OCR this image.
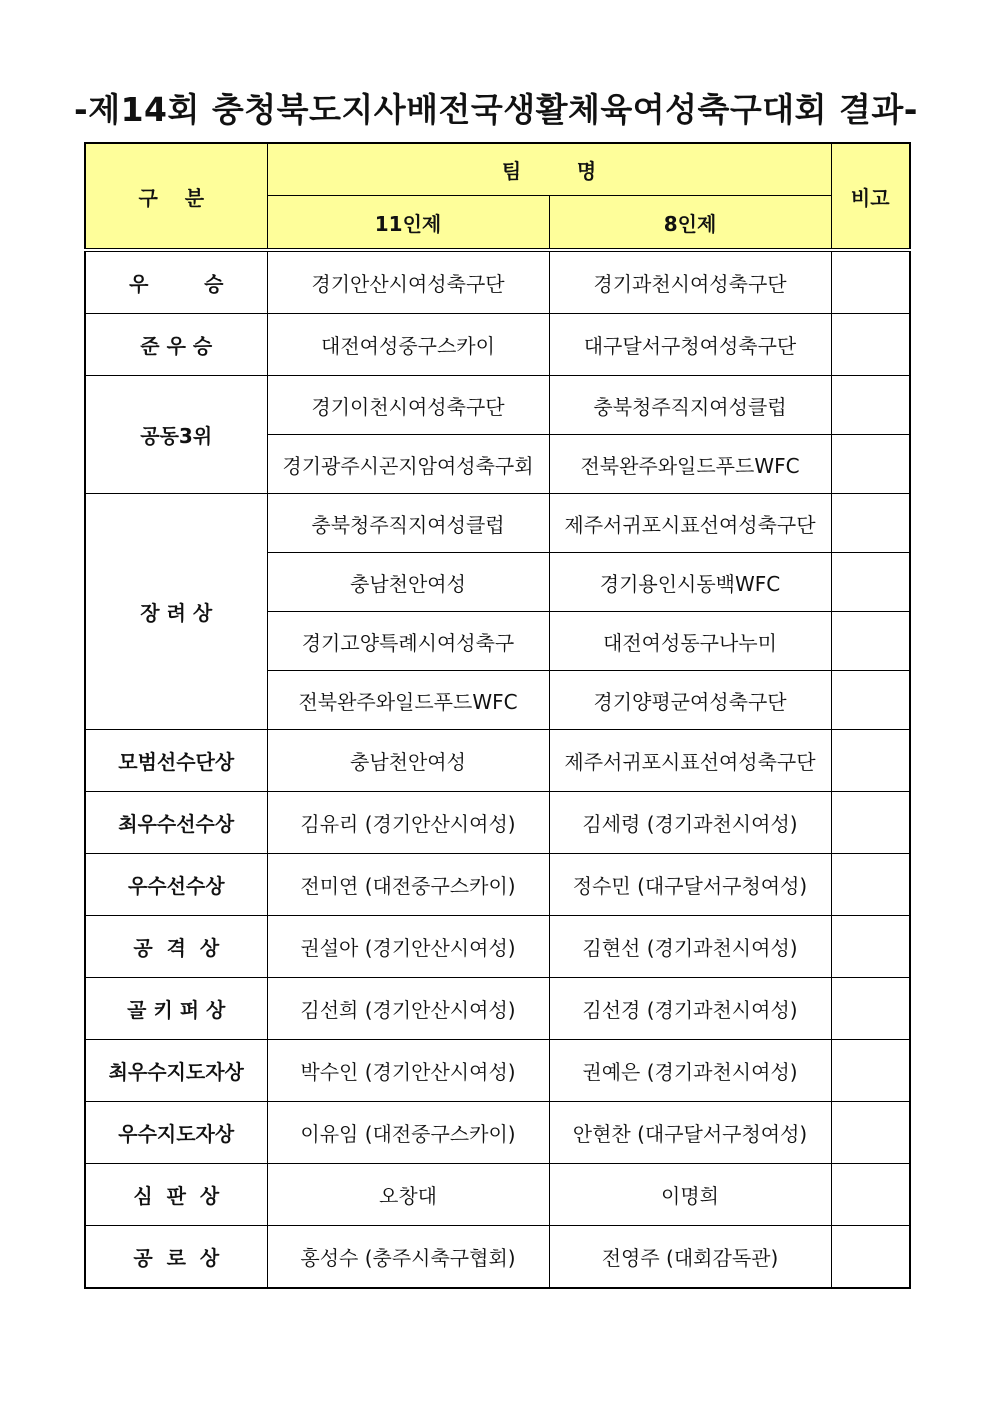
-제14회 충청북도지사배전국생활체육여성축구대회 결과-
구 분	팀        명		비고
	11인제	8인제	
우        승	경기안산시여성축구단	경기과천시여성축구단	
준 우 승	대전여성중구스카이	대구달서구청여성축구단	
공동3위	경기이천시여성축구단	충북청주직지여성클럽	
	경기광주시곤지암여성축구회	전북완주와일드푸드WFC	
장 려 상	충북청주직지여성클럽	제주서귀포시표선여성축구단	
	충남천안여성	경기용인시동백WFC	
	경기고양특례시여성축구	대전여성동구나누미	
	전북완주와일드푸드WFC	경기양평군여성축구단	
모범선수단상	충남천안여성	제주서귀포시표선여성축구단	
최우수선수상	김유리 (경기안산시여성)	김세령 (경기과천시여성)	
우수선수상	전미연 (대전중구스카이)	정수민 (대구달서구청여성)	
공  격  상	권설아 (경기안산시여성)	김현선 (경기과천시여성)	
골 키 퍼 상	김선희 (경기안산시여성)	김선경 (경기과천시여성)	
최우수지도자상	박수인 (경기안산시여성)	권예은 (경기과천시여성)	
우수지도자상	이유임 (대전중구스카이)	안현찬 (대구달서구청여성)	
심  판  상	오창대	이명희	
공  로  상	홍성수 (충주시축구협회)	전영주 (대회감독관)	
